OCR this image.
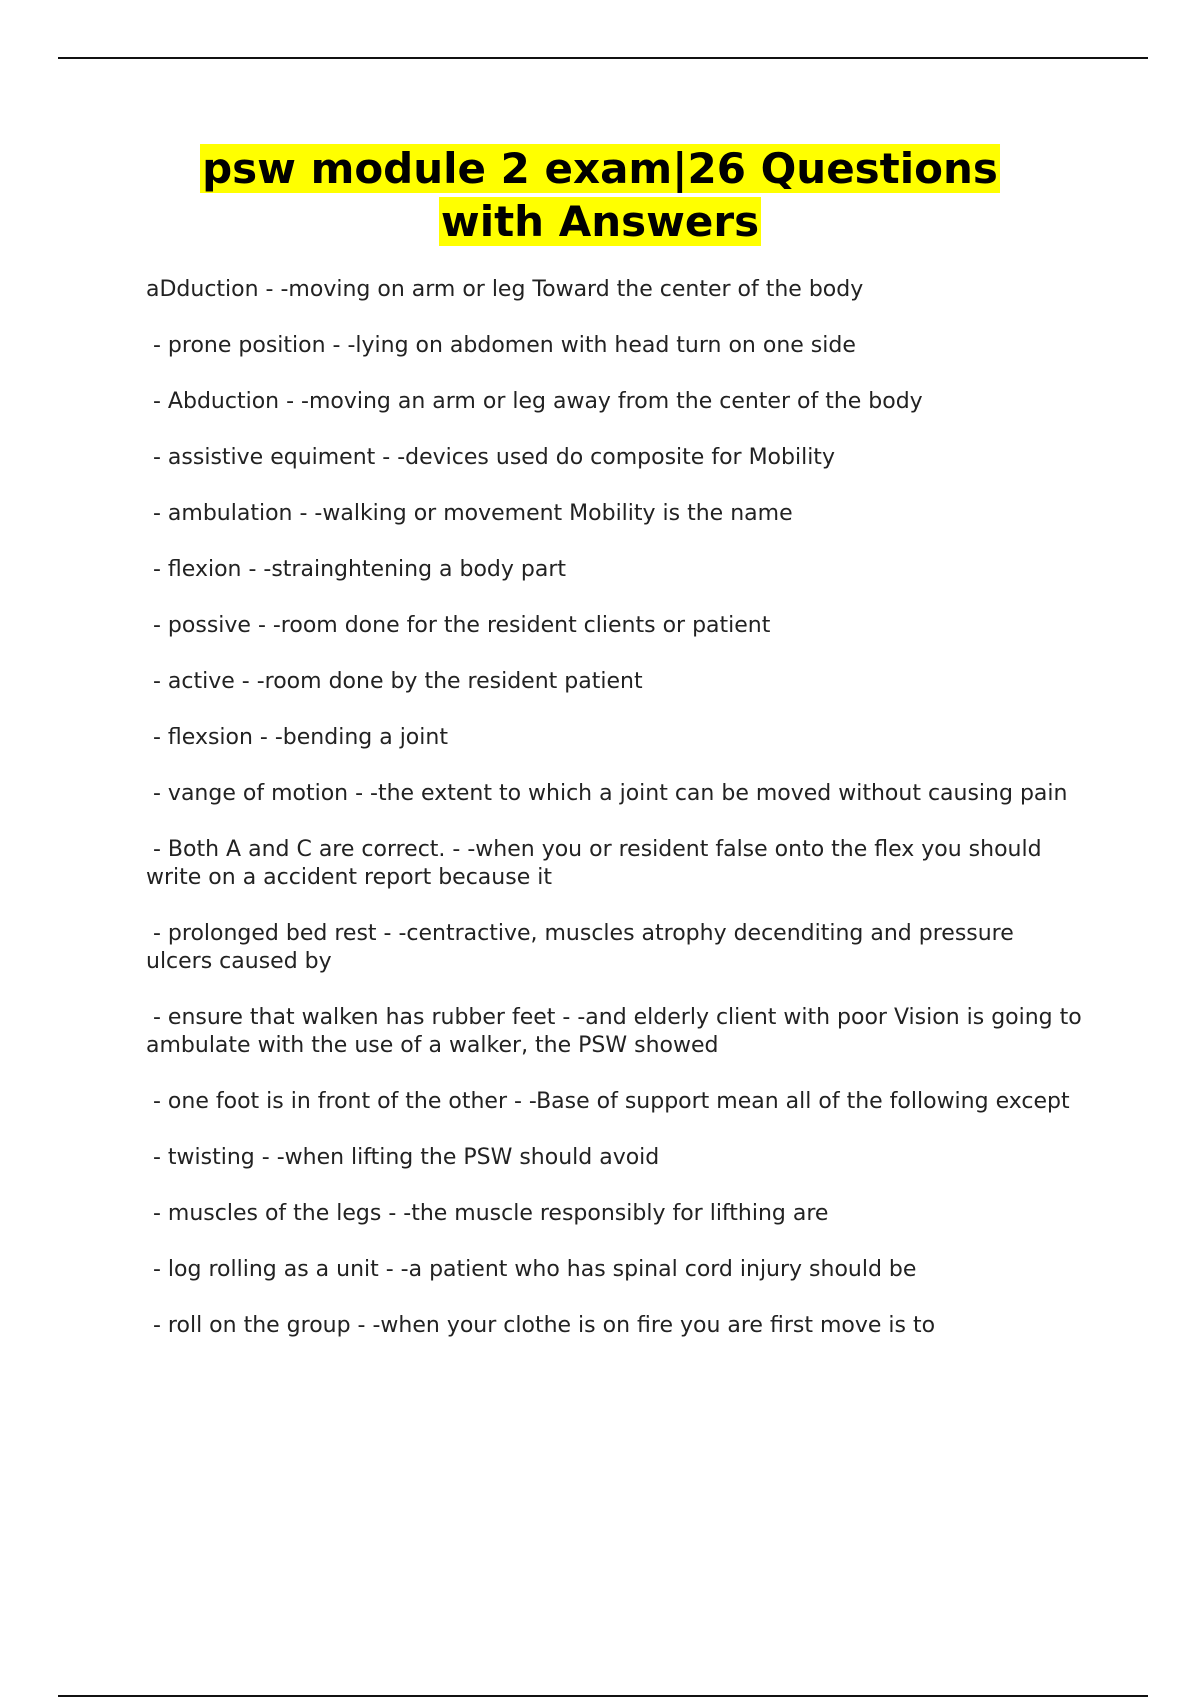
psw module 2 exam|26 Questions
with Answers

aDduction - -moving on arm or leg Toward the center of the body

- prone position - -lying on abdomen with head turn on one side

- Abduction - -moving an arm or leg away from the center of the body

- assistive equiment - -devices used do composite for Mobility

- ambulation - -walking or movement Mobility is the name

- flexion - -strainghtening a body part

- possive - -room done for the resident clients or patient

- active - -room done by the resident patient

- flexsion - -bending a joint

- vange of motion - -the extent to which a joint can be moved without causing pain

- Both A and C are correct. - -when you or resident false onto the flex you should write on a accident report because it

- prolonged bed rest - -centractive, muscles atrophy decenditing and pressure ulcers caused by

- ensure that walken has rubber feet - -and elderly client with poor Vision is going to ambulate with the use of a walker, the PSW showed

- one foot is in front of the other - -Base of support mean all of the following except

- twisting - -when lifting the PSW should avoid

- muscles of the legs - -the muscle responsibly for lifthing are

- log rolling as a unit - -a patient who has spinal cord injury should be

- roll on the group - -when your clothe is on fire you are first move is to
